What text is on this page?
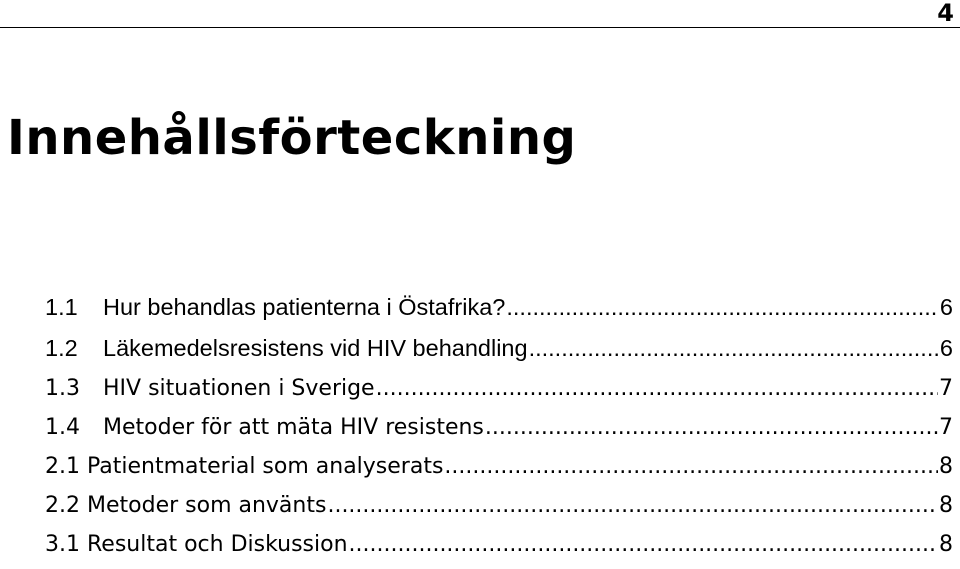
4
Innehållsförteckning
1.1	Hur behandlas patienterna i Östafrika? .....	6
1.2	Läkemedelsresistens vid HIV behandling .....	6
1.3	HIV situationen i Sverige .....	7
1.4	Metoder för att mäta HIV resistens .....	7
2.1 Patientmaterial som analyserats .....	8
2.2 Metoder som använts .....	8
3.1 Resultat och Diskussion .....	8
